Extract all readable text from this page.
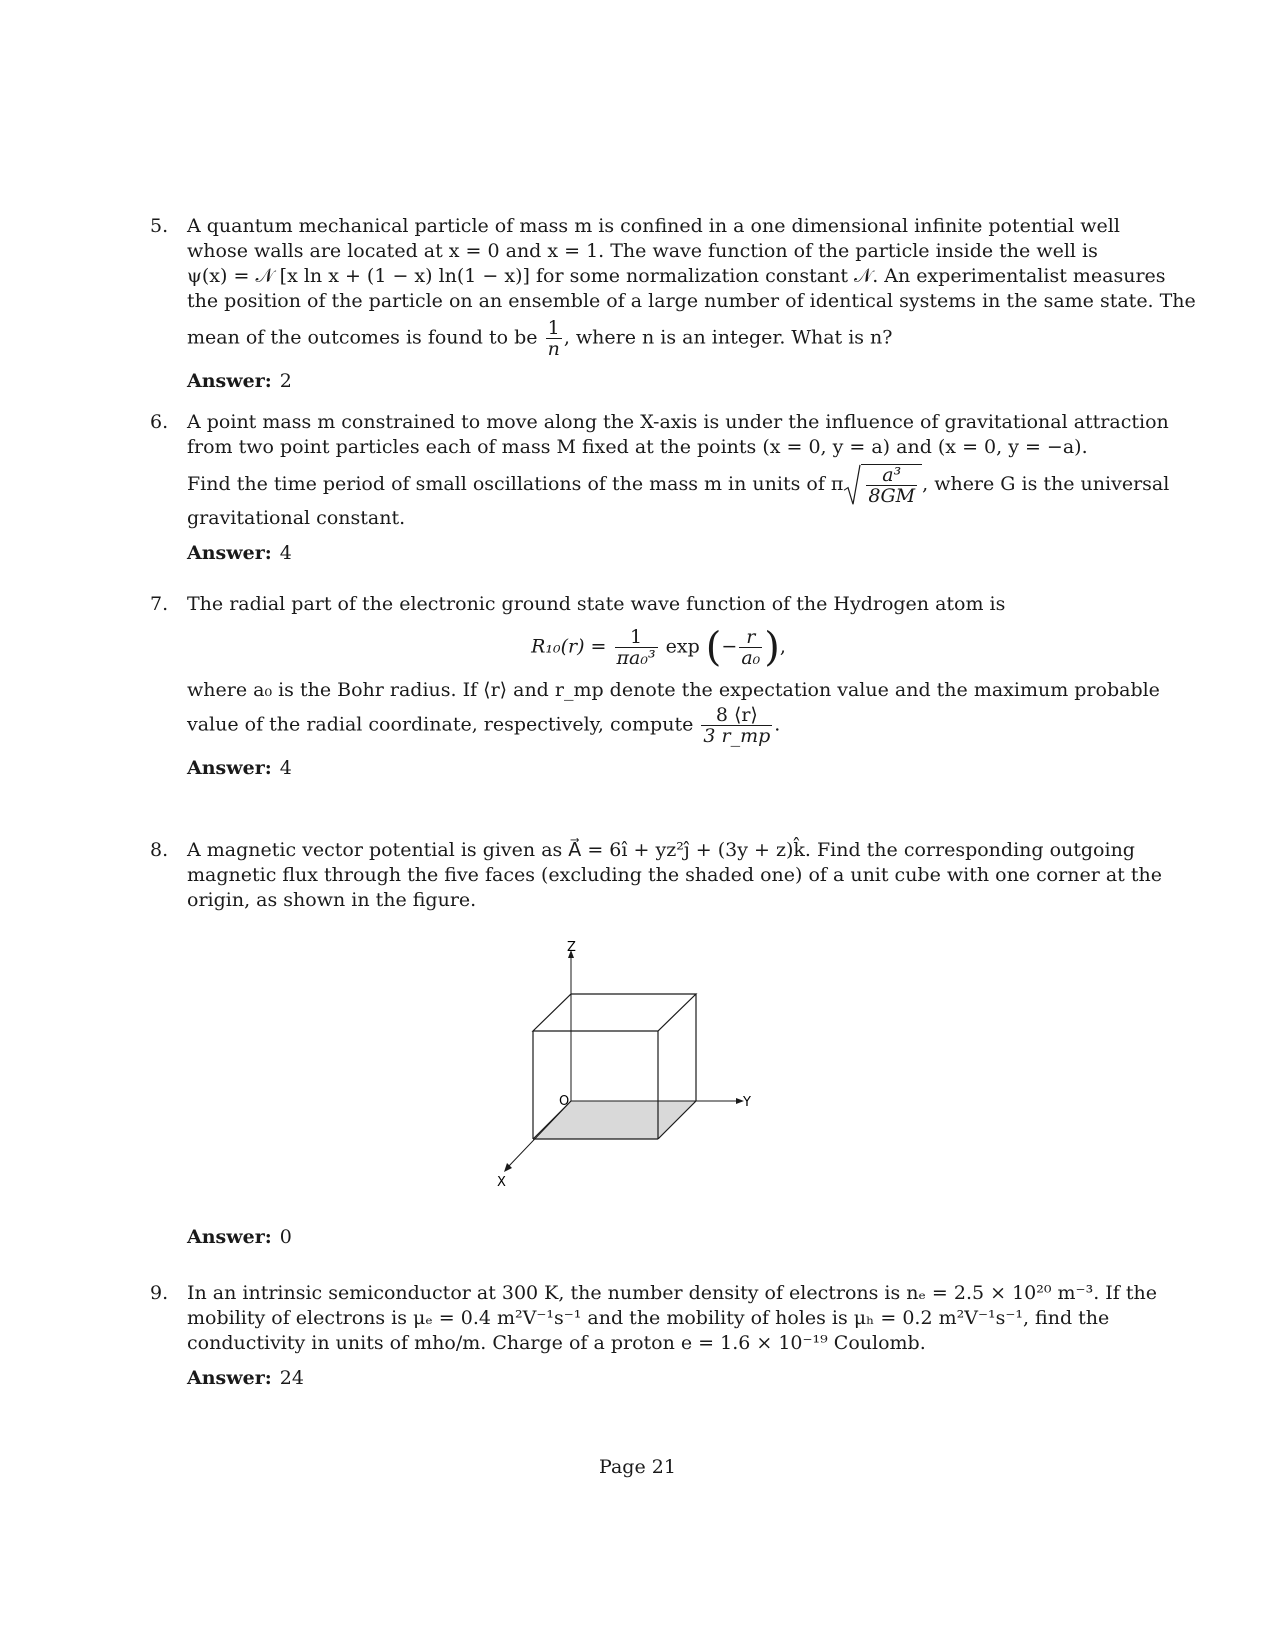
5. A quantum mechanical particle of mass m is confined in a one dimensional infinite potential well
whose walls are located at x = 0 and x = 1. The wave function of the particle inside the well is
ψ(x) = 𝒩 [x ln x + (1 − x) ln(1 − x)] for some normalization constant 𝒩. An experimentalist measures
the position of the particle on an ensemble of a large number of identical systems in the same state. The
mean of the outcomes is found to be $\frac{1}{n}$ , where n is an integer. What is n?
Answer: 2
6. A point mass m constrained to move along the X-axis is under the influence of gravitational attraction
from two point particles each of mass M fixed at the points (x = 0, y = a) and (x = 0, y = −a).
Find the time period of small oscillations of the mass m in units of π $\frac{\text{a³}}{8GM}$ , where G is the universal
gravitational constant.
Answer: 4
7. The radial part of the electronic ground state wave function of the Hydrogen atom is
$R_{10}(r) = \frac{1}{\text{πa₀³}}$ exp (− $\frac{r}{\text{a₀}}$ ),
where a₀ is the Bohr radius. If ⟨r⟩ and r_mp denote the expectation value and the maximum probable
value of the radial coordinate, respectively, compute $\frac{8 ⟨r⟩}{3 r\_mp}$ .
Answer: 4
8. A magnetic vector potential is given as A⃗ = 6î + yz²ĵ + (3y + z)k̂. Find the corresponding outgoing
magnetic flux through the five faces (excluding the shaded one) of a unit cube with one corner at the
origin, as shown in the figure.
Z
Y
X
O
Answer: 0
9. In an intrinsic semiconductor at 300 K, the number density of electrons is nₑ = 2.5 × 10²⁰ m⁻³. If the
mobility of electrons is μₑ = 0.4 m²V⁻¹s⁻¹ and the mobility of holes is μₕ = 0.2 m²V⁻¹s⁻¹, find the
conductivity in units of mho/m. Charge of a proton e = 1.6 × 10⁻¹⁹ Coulomb.
Answer: 24
Page 21
